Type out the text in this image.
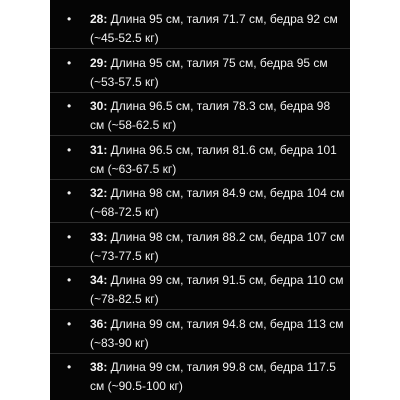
• 28: Длина 95 см, талия 71.7 см, бедра 92 см (~45-52.5 кг)
• 29: Длина 95 см, талия 75 см, бедра 95 см (~53-57.5 кг)
• 30: Длина 96.5 см, талия 78.3 см, бедра 98 см (~58-62.5 кг)
• 31: Длина 96.5 см, талия 81.6 см, бедра 101 см (~63-67.5 кг)
• 32: Длина 98 см, талия 84.9 см, бедра 104 см (~68-72.5 кг)
• 33: Длина 98 см, талия 88.2 см, бедра 107 см (~73-77.5 кг)
• 34: Длина 99 см, талия 91.5 см, бедра 110 см (~78-82.5 кг)
• 36: Длина 99 см, талия 94.8 см, бедра 113 см (~83-90 кг)
• 38: Длина 99 см, талия 99.8 см, бедра 117.5 см (~90.5-100 кг)
